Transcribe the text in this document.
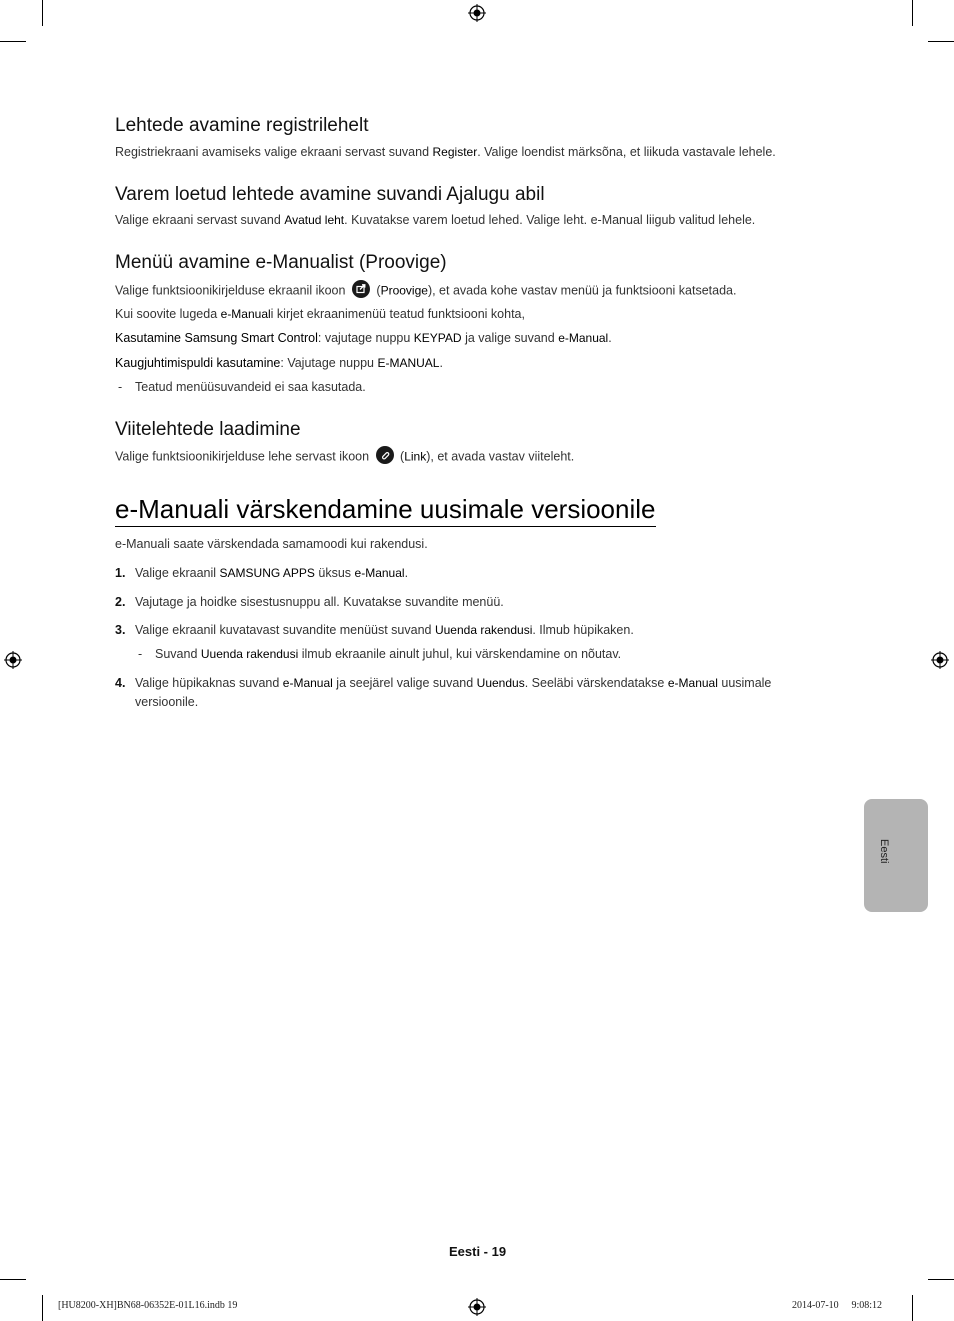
Lehtede avamine registrilehelt
Registriekraani avamiseks valige ekraani servast suvand Register. Valige loendist märksõna, et liikuda vastavale lehele.
Varem loetud lehtede avamine suvandi Ajalugu abil
Valige ekraani servast suvand Avatud leht. Kuvatakse varem loetud lehed. Valige leht. e-Manual liigub valitud lehele.
Menüü avamine e-Manualist (Proovige)
Valige funktsioonikirjelduse ekraanil ikoon
(Proovige), et avada kohe vastav menüü ja funktsiooni katsetada.
Kui soovite lugeda e-Manuali kirjet ekraanimenüü teatud funktsiooni kohta,
Kasutamine Samsung Smart Control: vajutage nuppu KEYPAD ja valige suvand e-Manual.
Kaugjuhtimispuldi kasutamine: Vajutage nuppu E-MANUAL.
- Teatud menüüsuvandeid ei saa kasutada.
Viitelehtede laadimine
Valige funktsioonikirjelduse lehe servast ikoon
(Link), et avada vastav viiteleht.
e-Manuali värskendamine uusimale versioonile
e-Manuali saate värskendada samamoodi kui rakendusi.
1. Valige ekraanil SAMSUNG APPS üksus e-Manual.
2. Vajutage ja hoidke sisestusnuppu all. Kuvatakse suvandite menüü.
3. Valige ekraanil kuvatavast suvandite menüüst suvand Uuenda rakendusi. Ilmub hüpikaken.
- Suvand Uuenda rakendusi ilmub ekraanile ainult juhul, kui värskendamine on nõutav.
4. Valige hüpikaknas suvand e-Manual ja seejärel valige suvand Uuendus. Seeläbi värskendatakse e-Manual uusimale
versioonile.
Eesti
Eesti - 19
[HU8200-XH]BN68-06352E-01L16.indb 19	2014-07-10   9:08:12
